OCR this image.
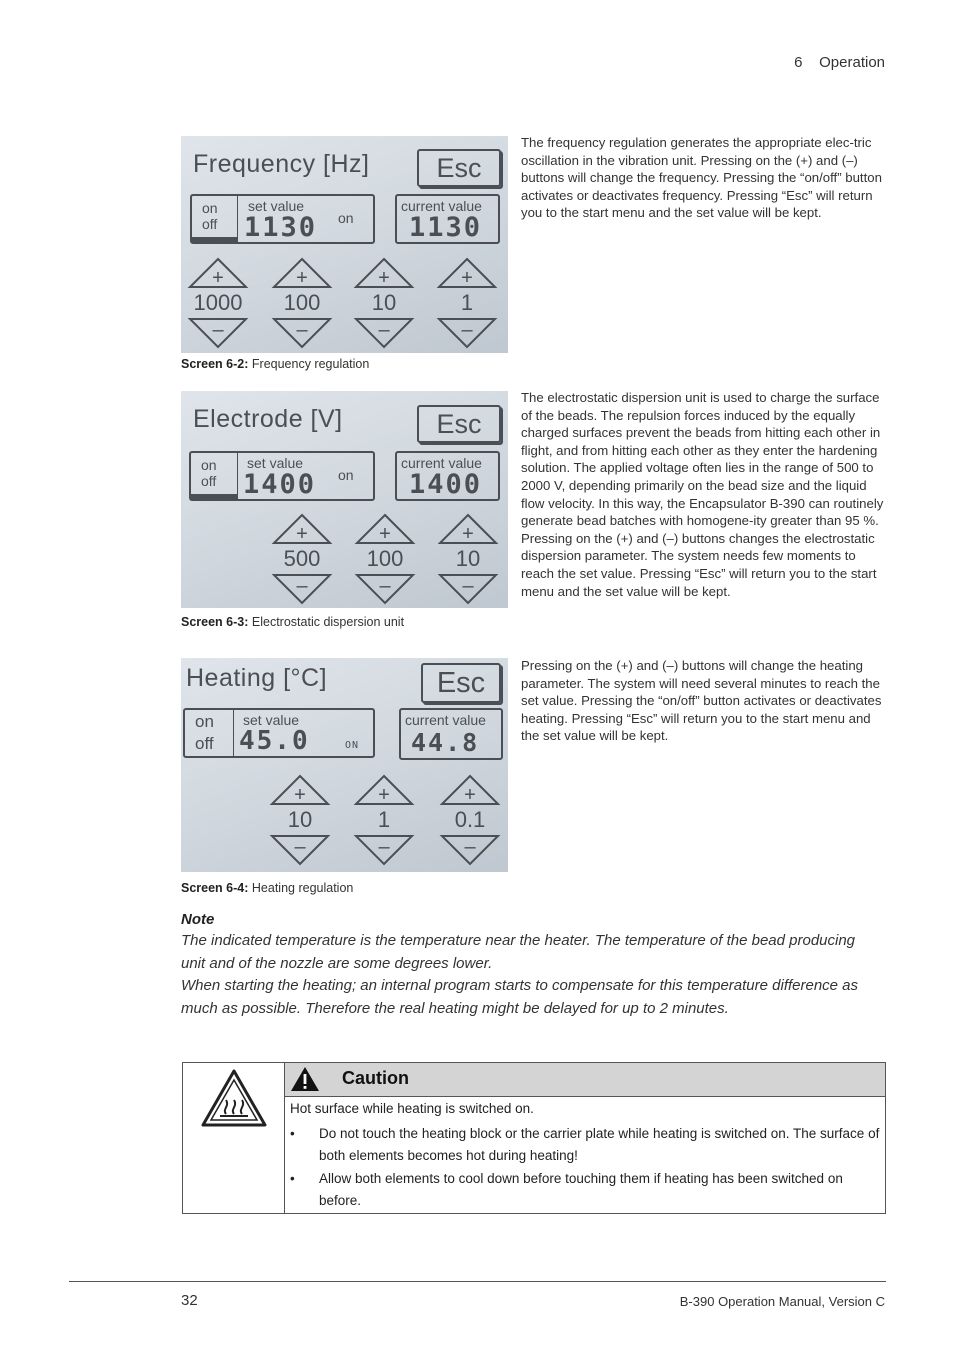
6 Operation
Frequency [Hz]	Esc
on
off
set value
1130 on
current value
1130
+
1000
–
+
100
–
+
10
–
+
1
–
Screen 6-2: Frequency regulation
The frequency regulation generates the appropriate elec-tric oscillation in the vibration unit. Pressing on the (+) and (–) buttons will change the frequency. Pressing the “on/off” button activates or deactivates frequency. Pressing “Esc” will return you to the start menu and the set value will be kept.
Electrode [V]	Esc
on
off
set value
1400 on
current value
1400
+
500
–
+
100
–
+
10
–
Screen 6-3: Electrostatic dispersion unit
The electrostatic dispersion unit is used to charge the surface of the beads. The repulsion forces induced by the equally charged surfaces prevent the beads from hitting each other in flight, and from hitting each other as they enter the hardening solution. The applied voltage often lies in the range of 500 to 2000 V, depending primarily on the bead size and the liquid flow velocity. In this way, the Encapsulator B-390 can routinely generate bead batches with homogene-ity greater than 95 %.
Pressing on the (+) and (–) buttons changes the electrostatic dispersion parameter. The system needs few moments to reach the set value. Pressing “Esc” will return you to the start menu and the set value will be kept.
Heating [°C]	Esc
on
off
set value
45.0	ON
current value
44.8
+
10
–
+
1
–
+
0.1
–
Screen 6-4: Heating regulation
Pressing on the (+) and (–) buttons will change the heating parameter. The system will need several minutes to reach the set value. Pressing the “on/off” button activates or deactivates heating. Pressing “Esc” will return you to the start menu and the set value will be kept.
Note
The indicated temperature is the temperature near the heater. The temperature of the bead producing unit and of the nozzle are some degrees lower.
When starting the heating; an internal program starts to compensate for this temperature difference as much as possible. Therefore the real heating might be delayed for up to 2 minutes.
Caution
Hot surface while heating is switched on.
• Do not touch the heating block or the carrier plate while heating is switched on. The surface of both elements becomes hot during heating!
• Allow both elements to cool down before touching them if heating has been switched on before.
32	B-390 Operation Manual, Version C
